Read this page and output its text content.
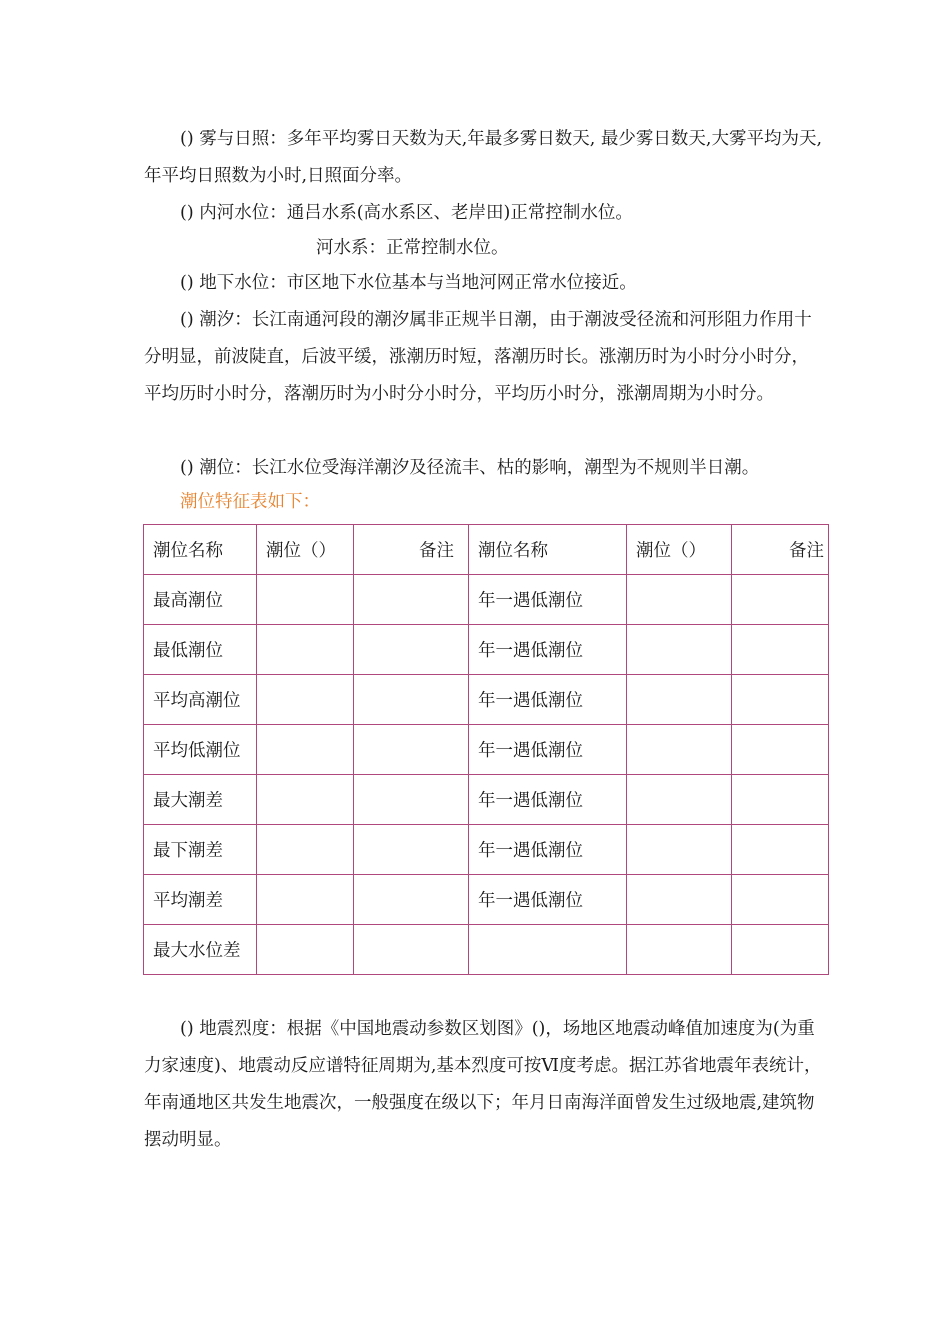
() 雾与日照：多年平均雾日天数为天,年最多雾日数天, 最少雾日数天,大雾平均为天,年平均日照数为小时,日照面分率。

() 内河水位：通吕水系(高水系区、老岸田)正常控制水位。

河水系：正常控制水位。

() 地下水位：市区地下水位基本与当地河网正常水位接近。

() 潮汐：长江南通河段的潮汐属非正规半日潮，由于潮波受径流和河形阻力作用十分明显，前波陡直，后波平缓，涨潮历时短，落潮历时长。涨潮历时为小时分小时分，平均历时小时分，落潮历时为小时分小时分，平均历小时分，涨潮周期为小时分。

() 潮位：长江水位受海洋潮汐及径流丰、枯的影响，潮型为不规则半日潮。

潮位特征表如下：

潮位名称	潮位（）	备注	潮位名称	潮位（）	备注
最高潮位			年一遇低潮位		
最低潮位			年一遇低潮位		
平均高潮位			年一遇低潮位		
平均低潮位			年一遇低潮位		
最大潮差			年一遇低潮位		
最下潮差			年一遇低潮位		
平均潮差			年一遇低潮位		
最大水位差					

() 地震烈度：根据《中国地震动参数区划图》()，场地区地震动峰值加速度为(为重力家速度)、地震动反应谱特征周期为,基本烈度可按Ⅵ度考虑。据江苏省地震年表统计，年南通地区共发生地震次，一般强度在级以下；年月日南海洋面曾发生过级地震,建筑物摆动明显。
